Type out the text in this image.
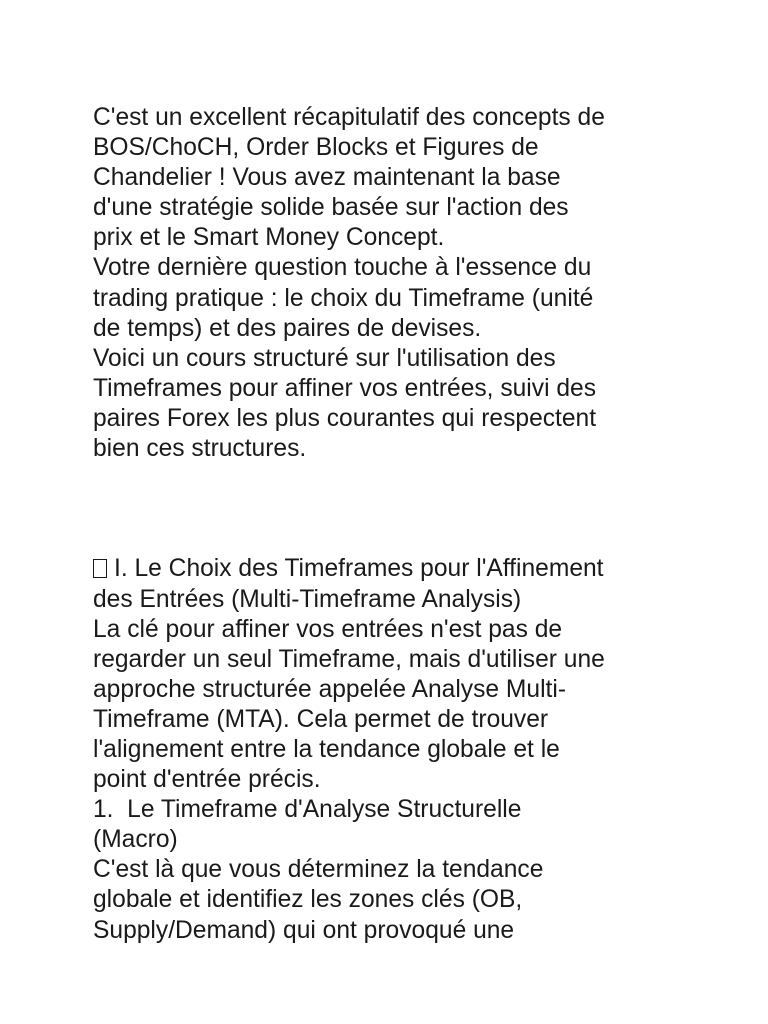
C'est un excellent récapitulatif des concepts de
BOS/ChoCH, Order Blocks et Figures de
Chandelier ! Vous avez maintenant la base
d'une stratégie solide basée sur l'action des
prix et le Smart Money Concept.
Votre dernière question touche à l'essence du
trading pratique : le choix du Timeframe (unité
de temps) et des paires de devises.
Voici un cours structuré sur l'utilisation des
Timeframes pour affiner vos entrées, suivi des
paires Forex les plus courantes qui respectent
bien ces structures.
I. Le Choix des Timeframes pour l'Affinement
des Entrées (Multi-Timeframe Analysis)
La clé pour affiner vos entrées n'est pas de
regarder un seul Timeframe, mais d'utiliser une
approche structurée appelée Analyse Multi-
Timeframe (MTA). Cela permet de trouver
l'alignement entre la tendance globale et le
point d'entrée précis.
1.  Le Timeframe d'Analyse Structurelle
(Macro)
C'est là que vous déterminez la tendance
globale et identifiez les zones clés (OB,
Supply/Demand) qui ont provoqué une
